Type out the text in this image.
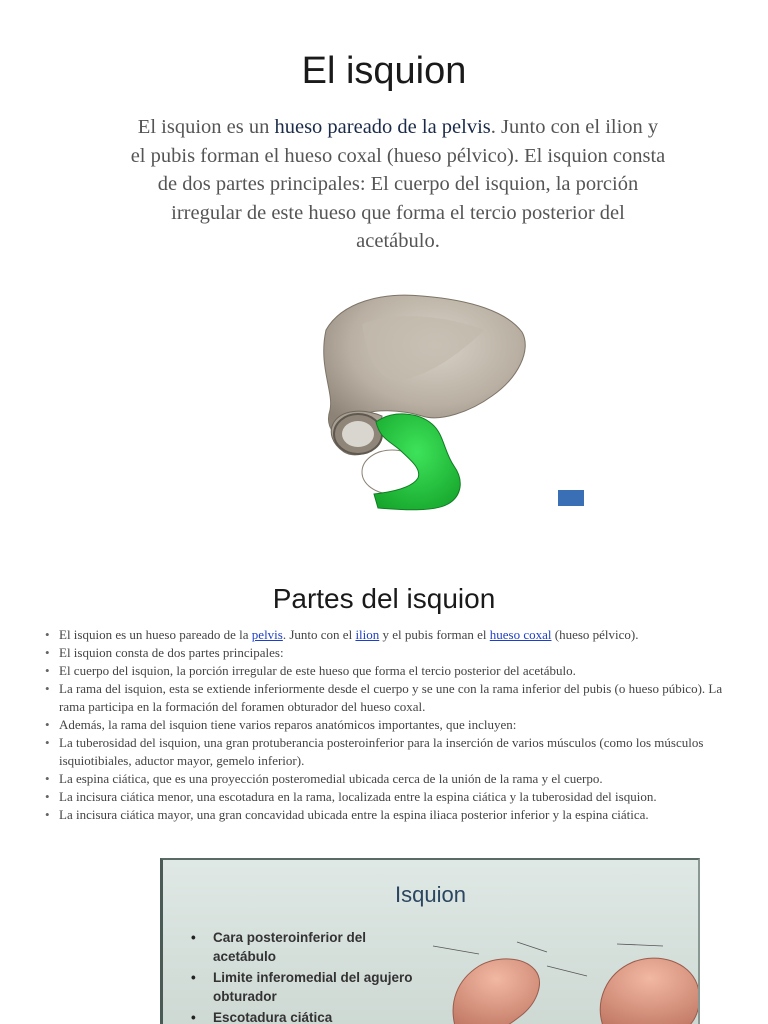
El isquion
El isquion es un hueso pareado de la pelvis. Junto con el ilion y el pubis forman el hueso coxal (hueso pélvico). El isquion consta de dos partes principales: El cuerpo del isquion, la porción irregular de este hueso que forma el tercio posterior del acetábulo.
Partes del isquion
• El isquion es un hueso pareado de la pelvis. Junto con el ilion y el pubis forman el hueso coxal (hueso pélvico).
• El isquion consta de dos partes principales:
• El cuerpo del isquion, la porción irregular de este hueso que forma el tercio posterior del acetábulo.
• La rama del isquion, esta se extiende inferiormente desde el cuerpo y se une con la rama inferior del pubis (o hueso púbico). La rama participa en la formación del foramen obturador del hueso coxal.
• Además, la rama del isquion tiene varios reparos anatómicos importantes, que incluyen:
• La tuberosidad del isquion, una gran protuberancia posteroinferior para la inserción de varios músculos (como los músculos isquiotibiales, aductor mayor, gemelo inferior).
• La espina ciática, que es una proyección posteromedial ubicada cerca de la unión de la rama y el cuerpo.
• La incisura ciática menor, una escotadura en la rama, localizada entre la espina ciática y la tuberosidad del isquion.
• La incisura ciática mayor, una gran concavidad ubicada entre la espina iliaca posterior inferior y la espina ciática.
Isquion
• Cara posteroinferior del acetábulo
• Limite inferomedial del agujero obturador
• Escotadura ciática
